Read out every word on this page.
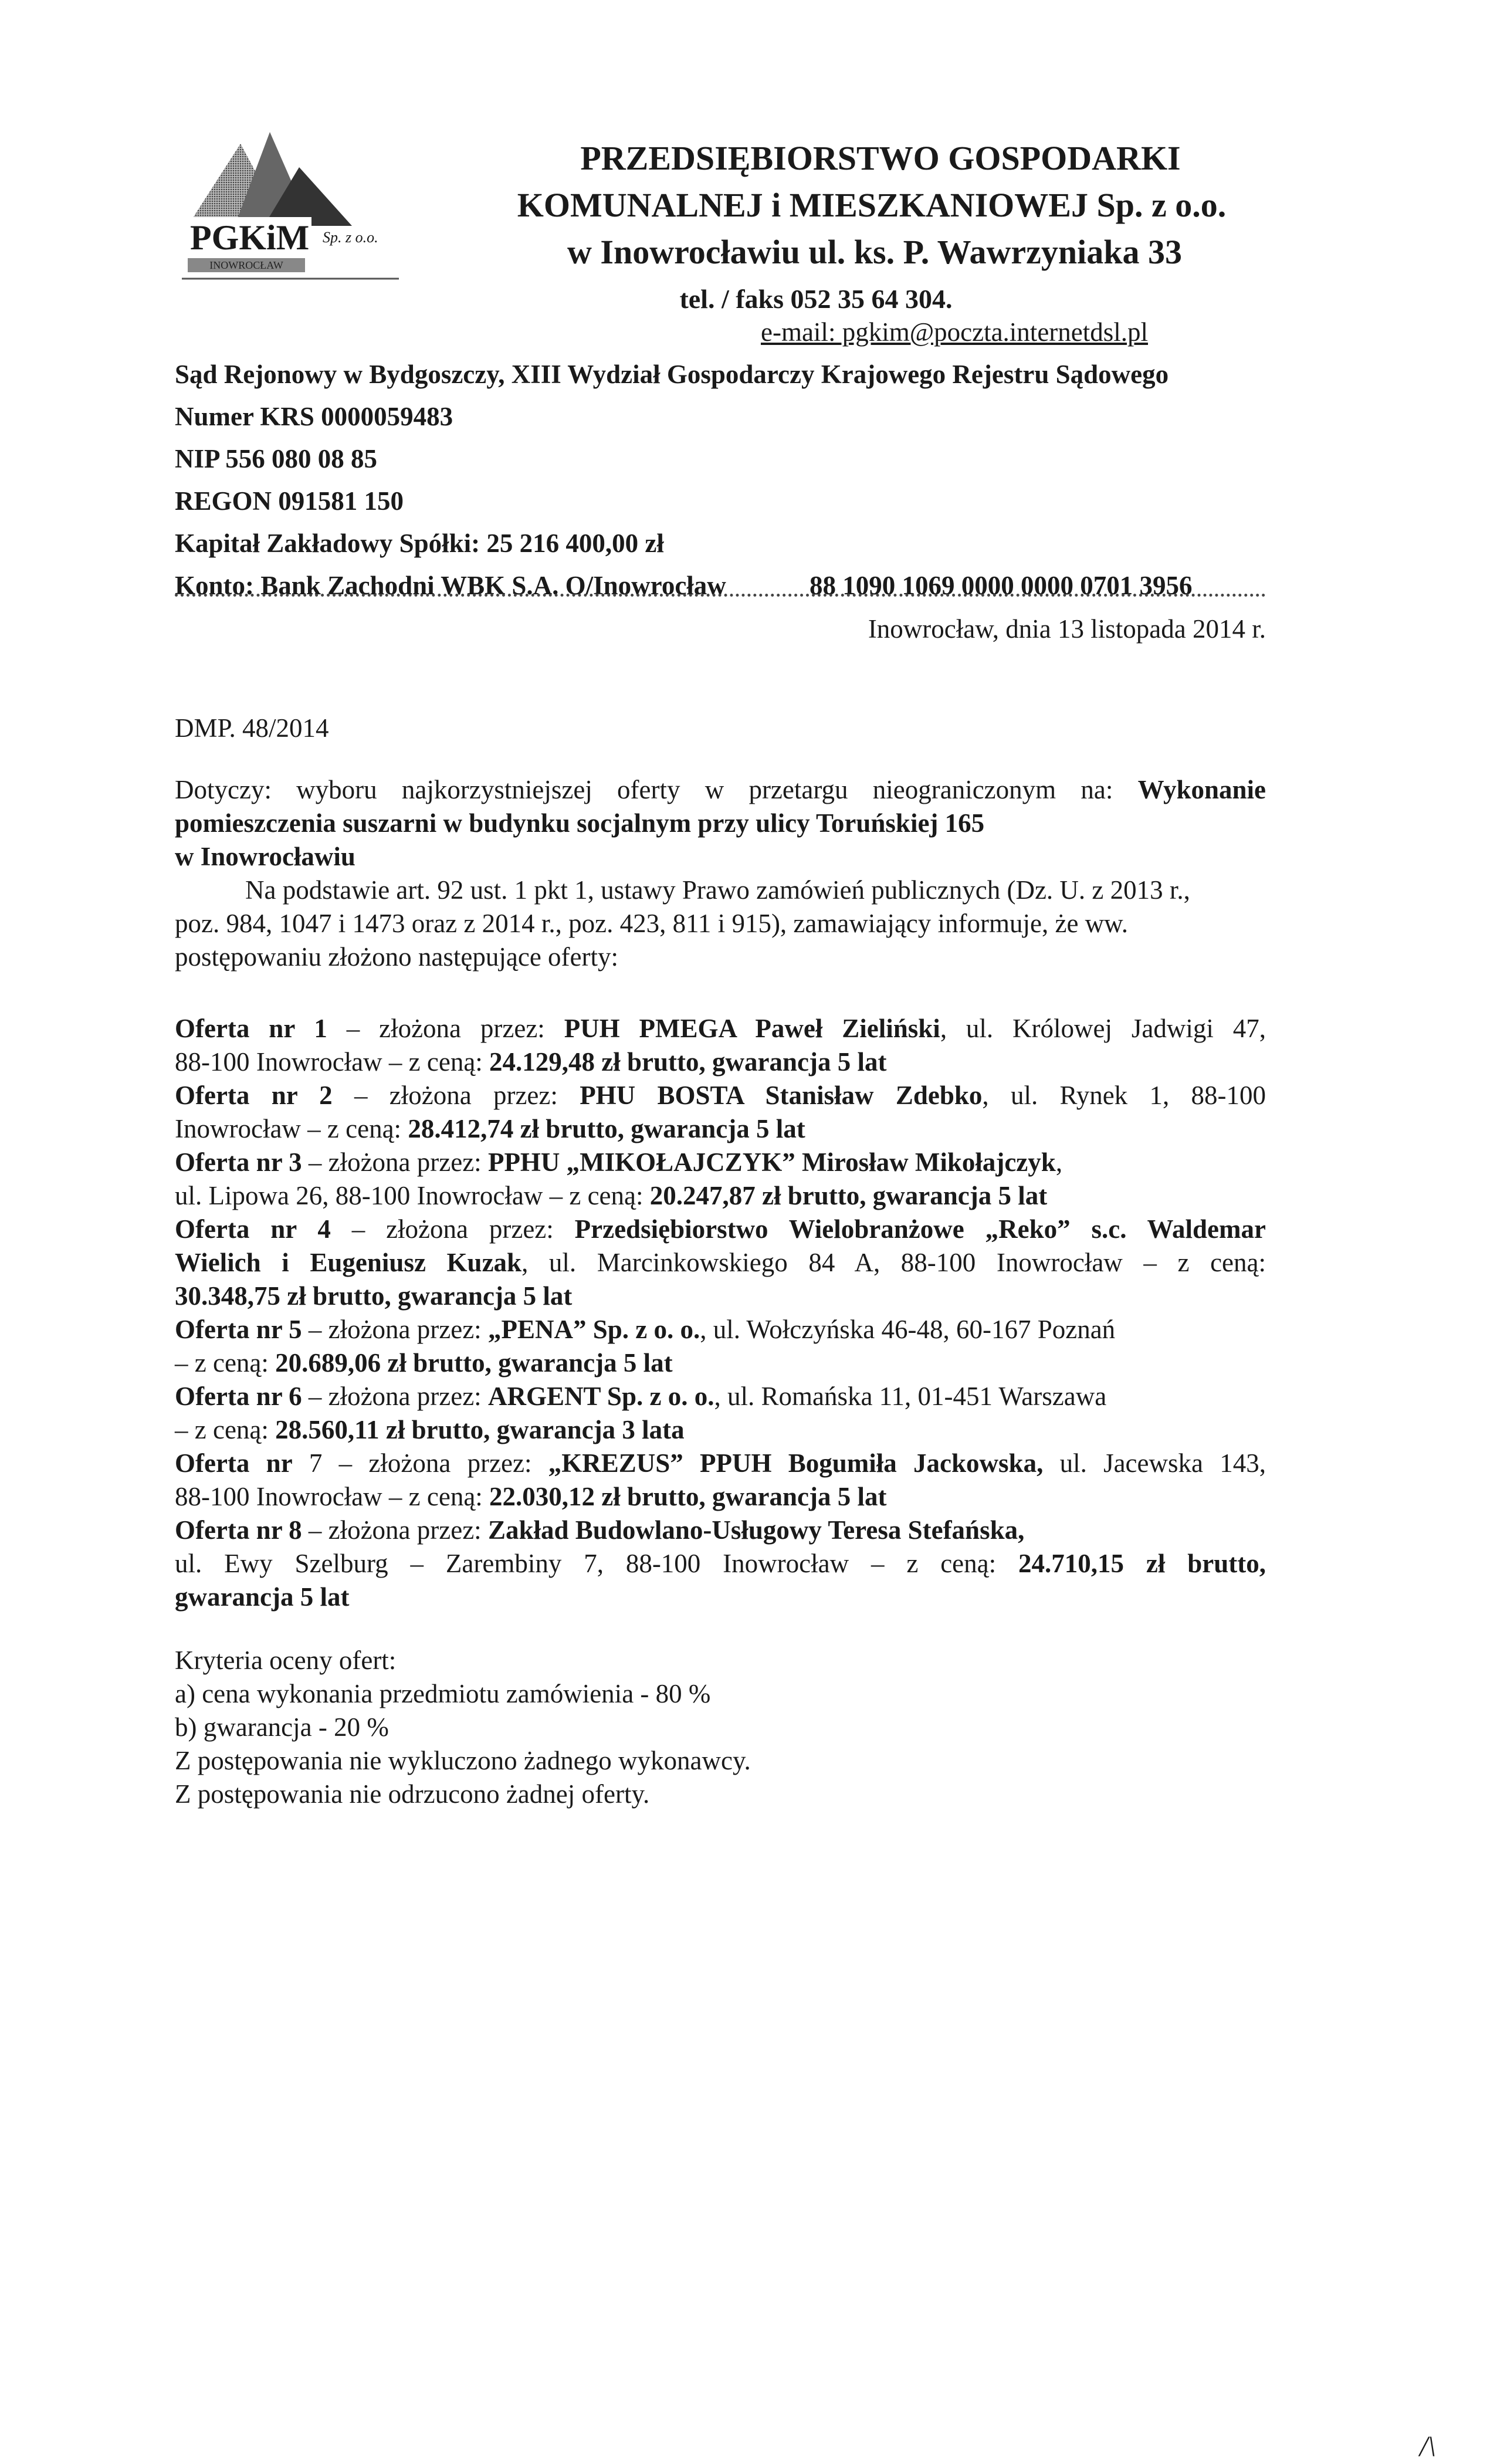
PGKiM Sp. z o.o.
INOWROCŁAW
PRZEDSIĘBIORSTWO GOSPODARKI
KOMUNALNEJ i MIESZKANIOWEJ Sp. z o.o.
w Inowrocławiu ul. ks. P. Wawrzyniaka 33
tel. / faks 052 35 64 304.
e-mail: pgkim@poczta.internetdsl.pl
Sąd Rejonowy w Bydgoszczy, XIII Wydział Gospodarczy Krajowego Rejestru Sądowego
Numer KRS 0000059483
NIP 556 080 08 85
REGON 091581 150
Kapitał Zakładowy Spółki: 25 216 400,00 zł
Konto: Bank Zachodni WBK S.A. O/Inowrocław	88 1090 1069 0000 0000 0701 3956
Inowrocław, dnia 13 listopada 2014 r.
DMP. 48/2014
Dotyczy: wyboru najkorzystniejszej oferty w przetargu nieograniczonym na: Wykonanie
pomieszczenia suszarni w budynku socjalnym przy ulicy Toruńskiej 165
w Inowrocławiu
Na podstawie art. 92 ust. 1 pkt 1, ustawy Prawo zamówień publicznych (Dz. U. z 2013 r.,
poz. 984, 1047 i 1473 oraz z 2014 r., poz. 423, 811 i 915), zamawiający informuje, że ww.
postępowaniu złożono następujące oferty:
Oferta nr 1 – złożona przez: PUH PMEGA Paweł Zieliński, ul. Królowej Jadwigi 47,
88-100 Inowrocław – z ceną: 24.129,48 zł brutto, gwarancja 5 lat
Oferta nr 2 – złożona przez: PHU BOSTA Stanisław Zdebko, ul. Rynek 1, 88-100
Inowrocław – z ceną: 28.412,74 zł brutto, gwarancja 5 lat
Oferta nr 3 – złożona przez: PPHU „MIKOŁAJCZYK” Mirosław Mikołajczyk,
ul. Lipowa 26, 88-100 Inowrocław – z ceną: 20.247,87 zł brutto, gwarancja 5 lat
Oferta nr 4 – złożona przez: Przedsiębiorstwo Wielobranżowe „Reko” s.c. Waldemar
Wielich i Eugeniusz Kuzak, ul. Marcinkowskiego 84 A, 88-100 Inowrocław – z ceną:
30.348,75 zł brutto, gwarancja 5 lat
Oferta nr 5 – złożona przez: „PENA” Sp. z o. o., ul. Wołczyńska 46-48, 60-167 Poznań
– z ceną: 20.689,06 zł brutto, gwarancja 5 lat
Oferta nr 6 – złożona przez: ARGENT Sp. z o. o., ul. Romańska 11, 01-451 Warszawa
– z ceną: 28.560,11 zł brutto, gwarancja 3 lata
Oferta nr 7 – złożona przez: „KREZUS” PPUH Bogumiła Jackowska, ul. Jacewska 143,
88-100 Inowrocław – z ceną: 22.030,12 zł brutto, gwarancja 5 lat
Oferta nr 8 – złożona przez: Zakład Budowlano-Usługowy Teresa Stefańska,
ul. Ewy Szelburg – Zarembiny 7, 88-100 Inowrocław – z ceną: 24.710,15 zł brutto,
gwarancja 5 lat
Kryteria oceny ofert:
a) cena wykonania przedmiotu zamówienia - 80 %
b) gwarancja - 20 %
Z postępowania nie wykluczono żadnego wykonawcy.
Z postępowania nie odrzucono żadnej oferty.
/\
